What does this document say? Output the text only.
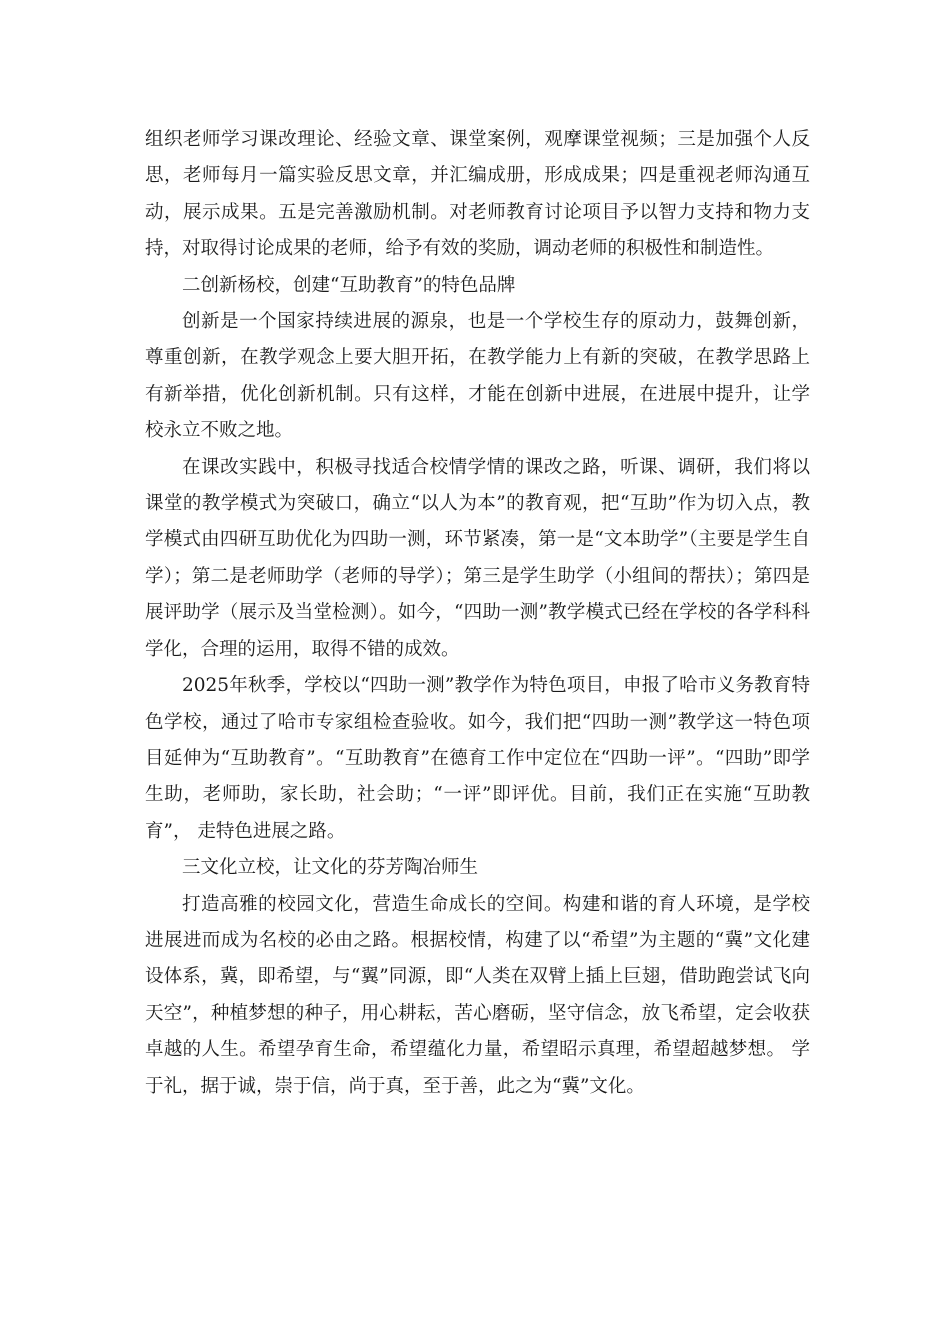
组织老师学习课改理论、经验文章、课堂案例，观摩课堂视频；三是加强个人反思，老师每月一篇实验反思文章，并汇编成册，形成成果；四是重视老师沟通互动，展示成果。五是完善激励机制。对老师教育讨论项目予以智力支持和物力支持，对取得讨论成果的老师，给予有效的奖励，调动老师的积极性和制造性。

二创新杨校，创建“互助教育”的特色品牌

创新是一个国家持续进展的源泉，也是一个学校生存的原动力，鼓舞创新，尊重创新，在教学观念上要大胆开拓，在教学能力上有新的突破，在教学思路上有新举措，优化创新机制。只有这样，才能在创新中进展，在进展中提升，让学校永立不败之地。

在课改实践中，积极寻找适合校情学情的课改之路，听课、调研，我们将以课堂的教学模式为突破口，确立“以人为本”的教育观，把“互助”作为切入点，教学模式由四研互助优化为四助一测，环节紧凑，第一是“文本助学”（主要是学生自学）；第二是老师助学（老师的导学）；第三是学生助学（小组间的帮扶）；第四是展评助学（展示及当堂检测）。如今，“四助一测”教学模式已经在学校的各学科科学化，合理的运用，取得不错的成效。

2025年秋季，学校以“四助一测”教学作为特色项目，申报了哈市义务教育特色学校，通过了哈市专家组检查验收。如今，我们把“四助一测”教学这一特色项目延伸为“互助教育”。“互助教育”在德育工作中定位在“四助一评”。“四助”即学生助，老师助，家长助，社会助；“一评”即评优。目前，我们正在实施“互助教育”， 走特色进展之路。

三文化立校，让文化的芬芳陶冶师生

打造高雅的校园文化，营造生命成长的空间。构建和谐的育人环境，是学校进展进而成为名校的必由之路。根据校情，构建了以“希望”为主题的“冀”文化建设体系，冀，即希望，与“翼”同源，即“人类在双臂上插上巨翅，借助跑尝试飞向天空”，种植梦想的种子，用心耕耘，苦心磨砺，坚守信念，放飞希望，定会收获卓越的人生。希望孕育生命，希望蕴化力量，希望昭示真理，希望超越梦想。 学于礼，据于诚，崇于信，尚于真，至于善，此之为“冀”文化。
